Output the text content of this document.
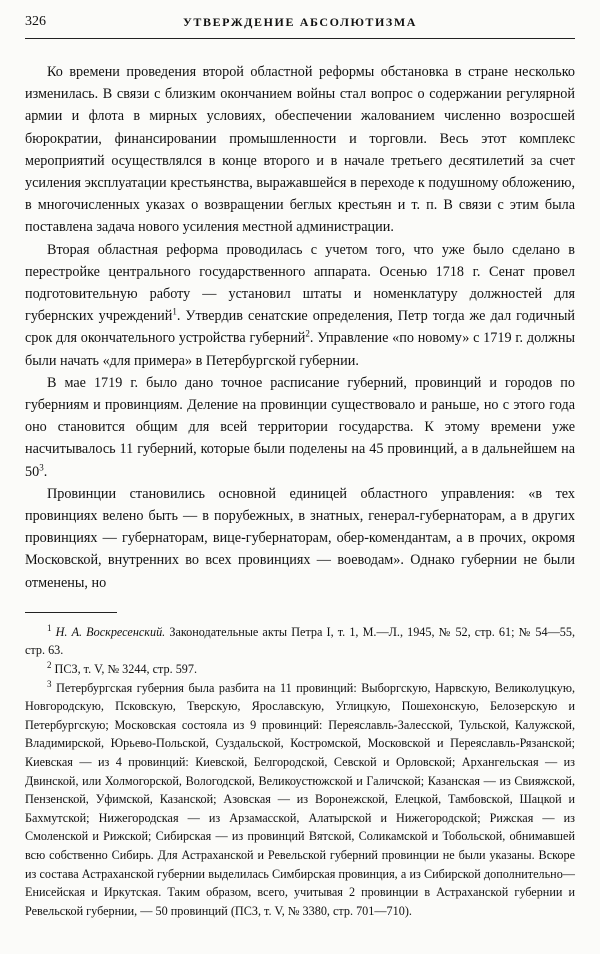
326	УТВЕРЖДЕНИЕ АБСОЛЮТИЗМА

Ко времени проведения второй областной реформы обстановка в стране несколько изменилась. В связи с близким окончанием войны стал вопрос о содержании регулярной армии и флота в мирных условиях, обеспечении жалованием численно возросшей бюрократии, финансировании промышленности и торговли. Весь этот комплекс мероприятий осуществлялся в конце второго и в начале третьего десятилетий за счет усиления эксплуатации крестьянства, выражавшейся в переходе к подушному обложению, в многочисленных указах о возвращении беглых крестьян и т. п. В связи с этим была поставлена задача нового усиления местной администрации.

Вторая областная реформа проводилась с учетом того, что уже было сделано в перестройке центрального государственного аппарата. Осенью 1718 г. Сенат провел подготовительную работу — установил штаты и номенклатуру должностей для губернских учреждений$^1$. Утвердив сенатские определения, Петр тогда же дал годичный срок для окончательного устройства губерний$^2$. Управление «по новому» с 1719 г. должны были начать «для примера» в Петербургской губернии.

В мае 1719 г. было дано точное расписание губерний, провинций и городов по губерниям и провинциям. Деление на провинции существовало и раньше, но с этого года оно становится общим для всей территории государства. К этому времени уже насчитывалось 11 губерний, которые были поделены на 45 провинций, а в дальнейшем на $50^3$.

Провинции становились основной единицей областного управления: «в тех провинциях велено быть — в порубежных, в знатных, генерал-губернаторам, а в других провинциях — губернаторам, вице-губернаторам, обер-комендантам, а в прочих, окромя Московской, внутренних во всех провинциях — воеводам». Однако губернии не были отменены, но

$^1$ Н. А. Воскресенский. Законодательные акты Петра I, т. 1, М.—Л., 1945, № 52, стр. 61; № 54—55, стр. 63.

$^2$ ПСЗ, т. V, № 3244, стр. 597.

$^3$ Петербургская губерния была разбита на 11 провинций: Выборгскую, Нарвскую, Великолуцкую, Новгородскую, Псковскую, Тверскую, Ярославскую, Углицкую, Пошехонскую, Белозерскую и Петербургскую; Московская состояла из 9 провинций: Переяславль-Залесской, Тульской, Калужской, Владимирской, Юрьево-Польской, Суздальской, Костромской, Московской и Переяславль-Рязанской; Киевская — из 4 провинций: Киевской, Белгородской, Севской и Орловской; Архангельская — из Двинской, или Холмогорской, Вологодской, Великоустюжской и Галичской; Казанская — из Свияжской, Пензенской, Уфимской, Казанской; Азовская — из Воронежской, Елецкой, Тамбовской, Шацкой и Бахмутской; Нижегородская — из Арзамасской, Алатырской и Нижегородской; Рижская — из Смоленской и Рижской; Сибирская — из провинций Вятской, Соликамской и Тобольской, обнимавшей всю собственно Сибирь. Для Астраханской и Ревельской губерний провинции не были указаны. Вскоре из состава Астраханской губернии выделилась Симбирская провинция, а из Сибирской дополнительно— Енисейская и Иркутская. Таким образом, всего, учитывая 2 провинции в Астраханской губернии и Ревельской губернии, — 50 провинций (ПСЗ, т. V, № 3380, стр. 701—710).
